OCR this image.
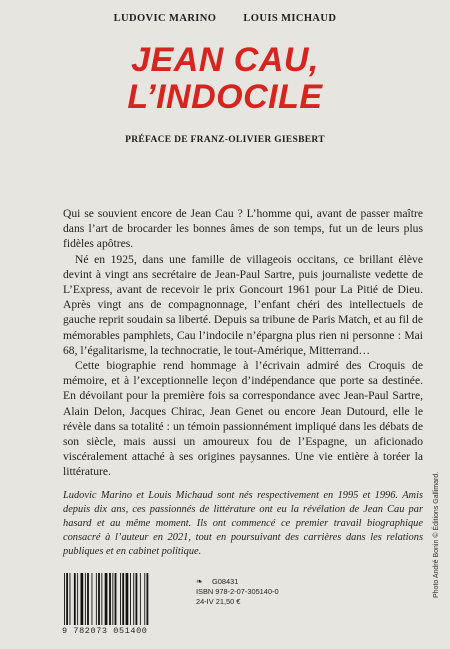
LUDOVIC MARINO	LOUIS MICHAUD
JEAN CAU,
L’INDOCILE
PRÉFACE DE FRANZ-OLIVIER GIESBERT

Qui se souvient encore de Jean Cau ? L’homme qui, avant de passer maître dans l’art de brocarder les bonnes âmes de son temps, fut un de leurs plus fidèles apôtres.

Né en 1925, dans une famille de villageois occitans, ce brillant élève devint à vingt ans secrétaire de Jean-Paul Sartre, puis journaliste vedette de L’Express, avant de recevoir le prix Goncourt 1961 pour La Pitié de Dieu. Après vingt ans de compagnonnage, l’enfant chéri des intellectuels de gauche reprit soudain sa liberté. Depuis sa tribune de Paris Match, et au fil de mémorables pamphlets, Cau l’indocile n’épargna plus rien ni personne : Mai 68, l’égalitarisme, la technocratie, le tout-Amérique, Mitterrand…

Cette biographie rend hommage à l’écrivain admiré des Croquis de mémoire, et à l’exceptionnelle leçon d’indépendance que porte sa destinée. En dévoilant pour la première fois sa correspondance avec Jean-Paul Sartre, Alain Delon, Jacques Chirac, Jean Genet ou encore Jean Dutourd, elle le révèle dans sa totalité : un témoin passionnément impliqué dans les débats de son siècle, mais aussi un amoureux fou de l’Espagne, un aficionado viscéralement attaché à ses origines paysannes. Une vie entière à toréer la littérature.

Ludovic Marino et Louis Michaud sont nés respectivement en 1995 et 1996. Amis depuis dix ans, ces passionnés de littérature ont eu la révélation de Jean Cau par hasard et au même moment. Ils ont commencé ce premier travail biographique consacré à l’auteur en 2021, tout en poursuivant des carrières dans les relations publiques et en cabinet politique.	Photo André Bonin © Éditions Gallimard.
9 782073 051400
❧	G08431
ISBN 978-2-07-305140-0
24-IV 21,50 €
